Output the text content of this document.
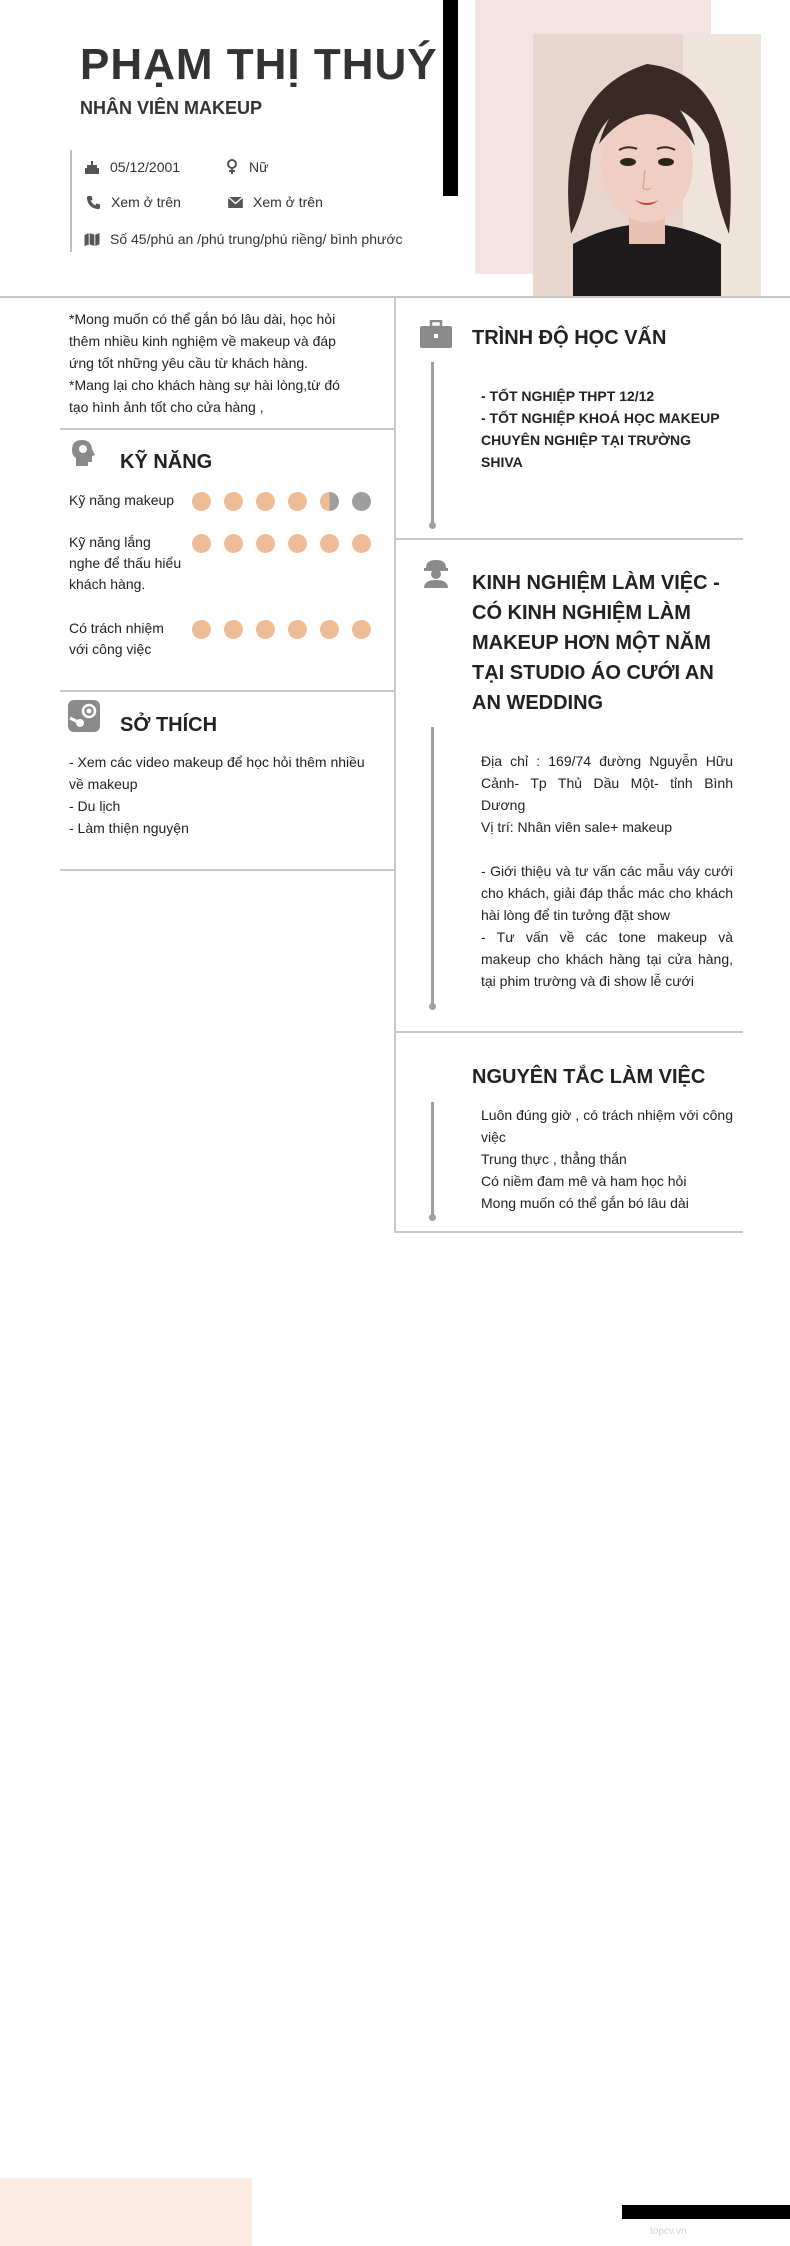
PHẠM THỊ THUÝ
NHÂN VIÊN MAKEUP
05/12/2001	Nữ
Xem ở trên	Xem ở trên
Số 45/phú an /phú trung/phú riềng/ bình phước
*Mong muốn có thể gắn bó lâu dài, học hỏi
thêm nhiều kinh nghiệm về makeup và đáp
ứng tốt những yêu cầu từ khách hàng.
*Mang lại cho khách hàng sự hài lòng,từ đó
tạo hình ảnh tốt cho cửa hàng ,
KỸ NĂNG
Kỹ năng makeup
Kỹ năng lắng nghe để thấu hiểu khách hàng.
Có trách nhiệm với công việc
SỞ THÍCH
- Xem các video makeup để học hỏi thêm nhiều về makeup
- Du lịch
- Làm thiện nguyện
TRÌNH ĐỘ HỌC VẤN
- TỐT NGHIỆP THPT 12/12
- TỐT NGHIỆP KHOÁ HỌC MAKEUP CHUYÊN NGHIỆP TẠI TRƯỜNG SHIVA
KINH NGHIỆM LÀM VIỆC - CÓ KINH NGHIỆM LÀM MAKEUP HƠN MỘT NĂM TẠI STUDIO ÁO CƯỚI AN AN WEDDING
Địa chỉ : 169/74 đường Nguyễn Hữu Cảnh- Tp Thủ Dầu Một- tỉnh Bình Dương
Vị trí: Nhân viên sale+ makeup
- Giới thiệu và tư vấn các mẫu váy cưới cho khách, giải đáp thắc mác cho khách hài lòng để tin tưởng đặt show
- Tư vấn về các tone makeup và makeup cho khách hàng tại cửa hàng, tại phim trường và đi show lễ cưới
NGUYÊN TẮC LÀM VIỆC
Luôn đúng giờ , có trách nhiệm với công việc
Trung thực , thẳng thắn
Có niềm đam mê và ham học hỏi
Mong muốn có thể gắn bó lâu dài
topcv.vn
